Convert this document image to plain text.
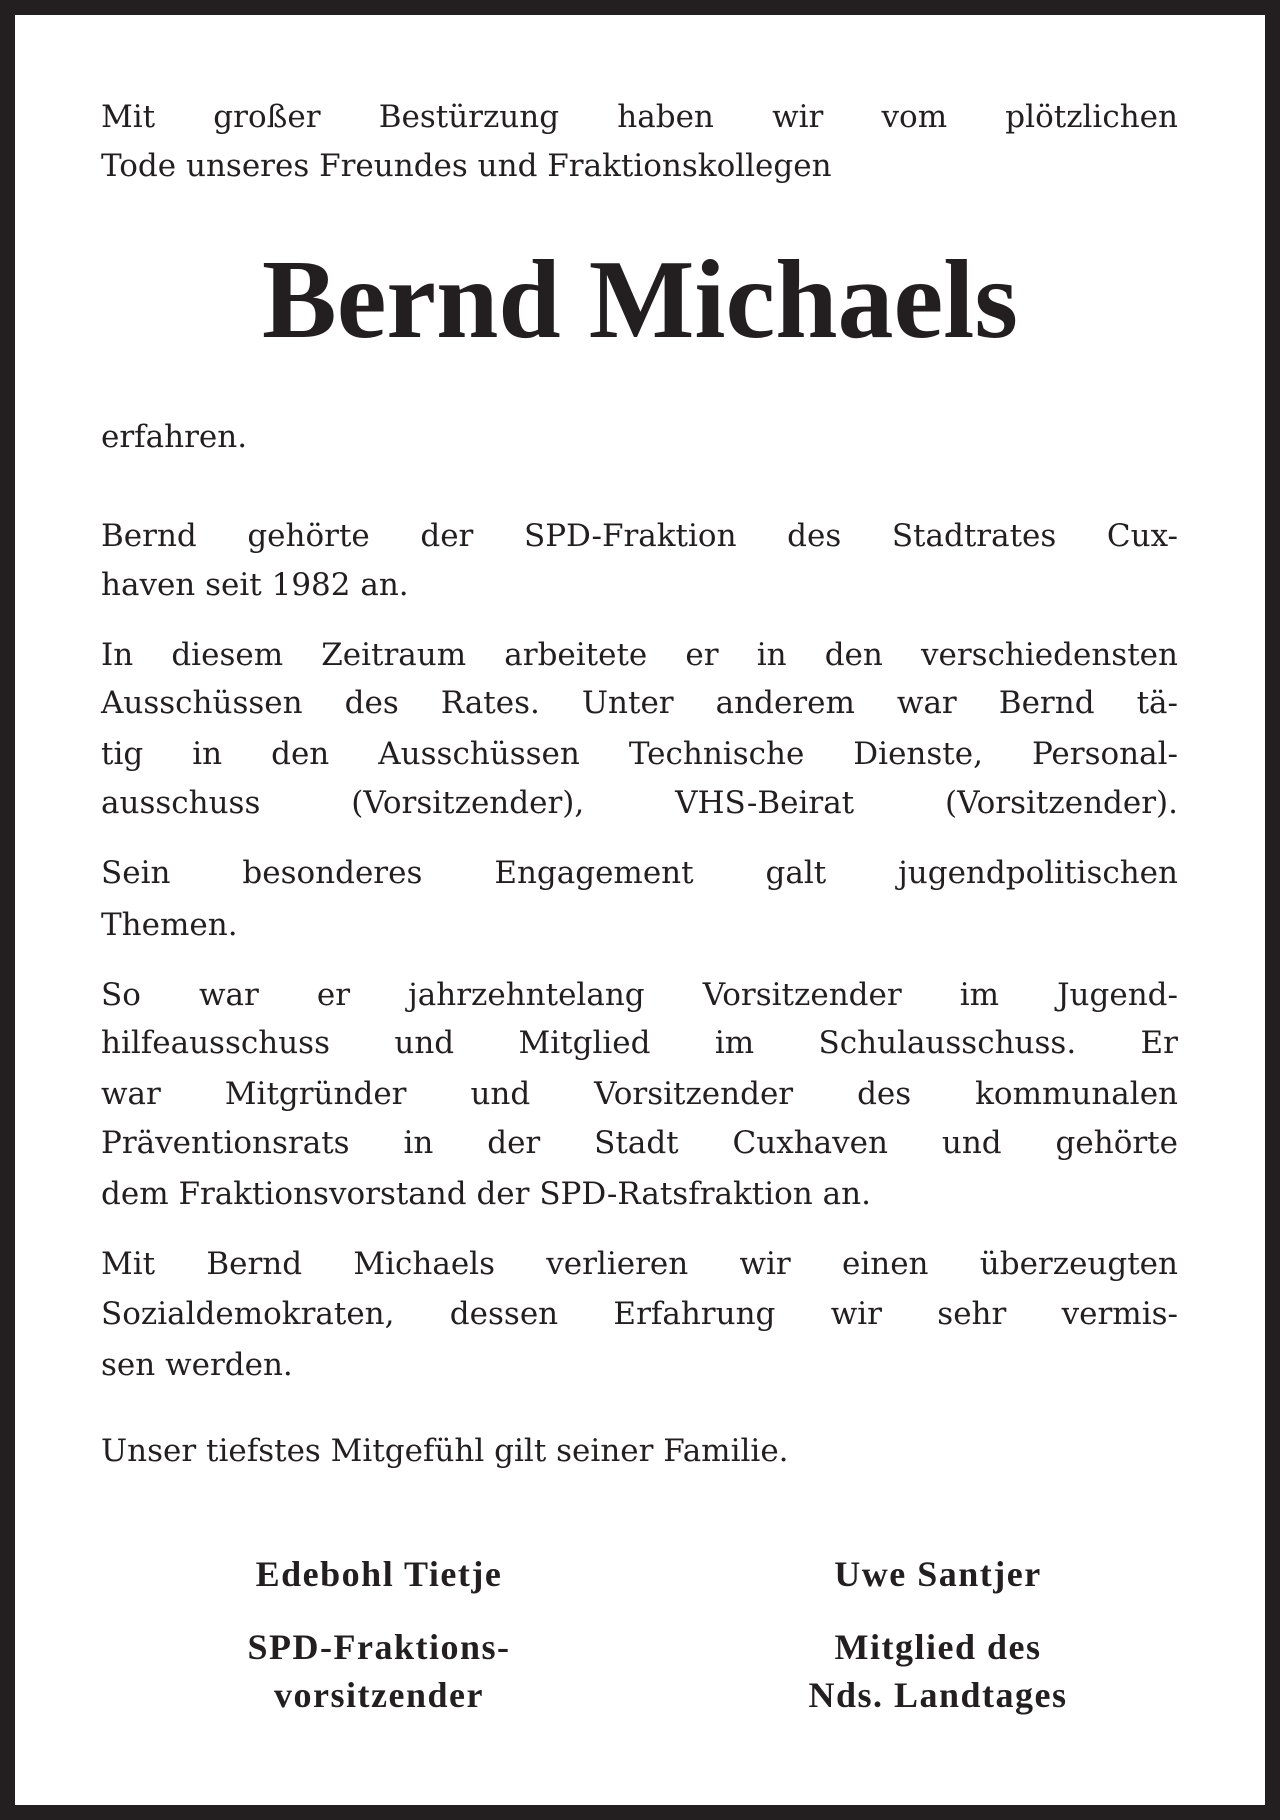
Mit großer Bestürzung haben wir vom plötzlichen
Tode unseres Freundes und Fraktionskollegen
Bernd Michaels
erfahren.
Bernd gehörte der SPD-Fraktion des Stadtrates Cux-
haven seit 1982 an.
In diesem Zeitraum arbeitete er in den verschiedensten
Ausschüssen des Rates. Unter anderem war Bernd tä-
tig in den Ausschüssen Technische Dienste, Personal-
ausschuss (Vorsitzender), VHS-Beirat (Vorsitzender).
Sein besonderes Engagement galt jugendpolitischen
Themen.
So war er jahrzehntelang Vorsitzender im Jugend-
hilfeausschuss und Mitglied im Schulausschuss. Er
war Mitgründer und Vorsitzender des kommunalen
Präventionsrats in der Stadt Cuxhaven und gehörte
dem Fraktionsvorstand der SPD-Ratsfraktion an.
Mit Bernd Michaels verlieren wir einen überzeugten
Sozialdemokraten, dessen Erfahrung wir sehr vermis-
sen werden.
Unser tiefstes Mitgefühl gilt seiner Familie.
Edebohl Tietje
SPD-Fraktions-
vorsitzender
Uwe Santjer
Mitglied des
Nds. Landtages
